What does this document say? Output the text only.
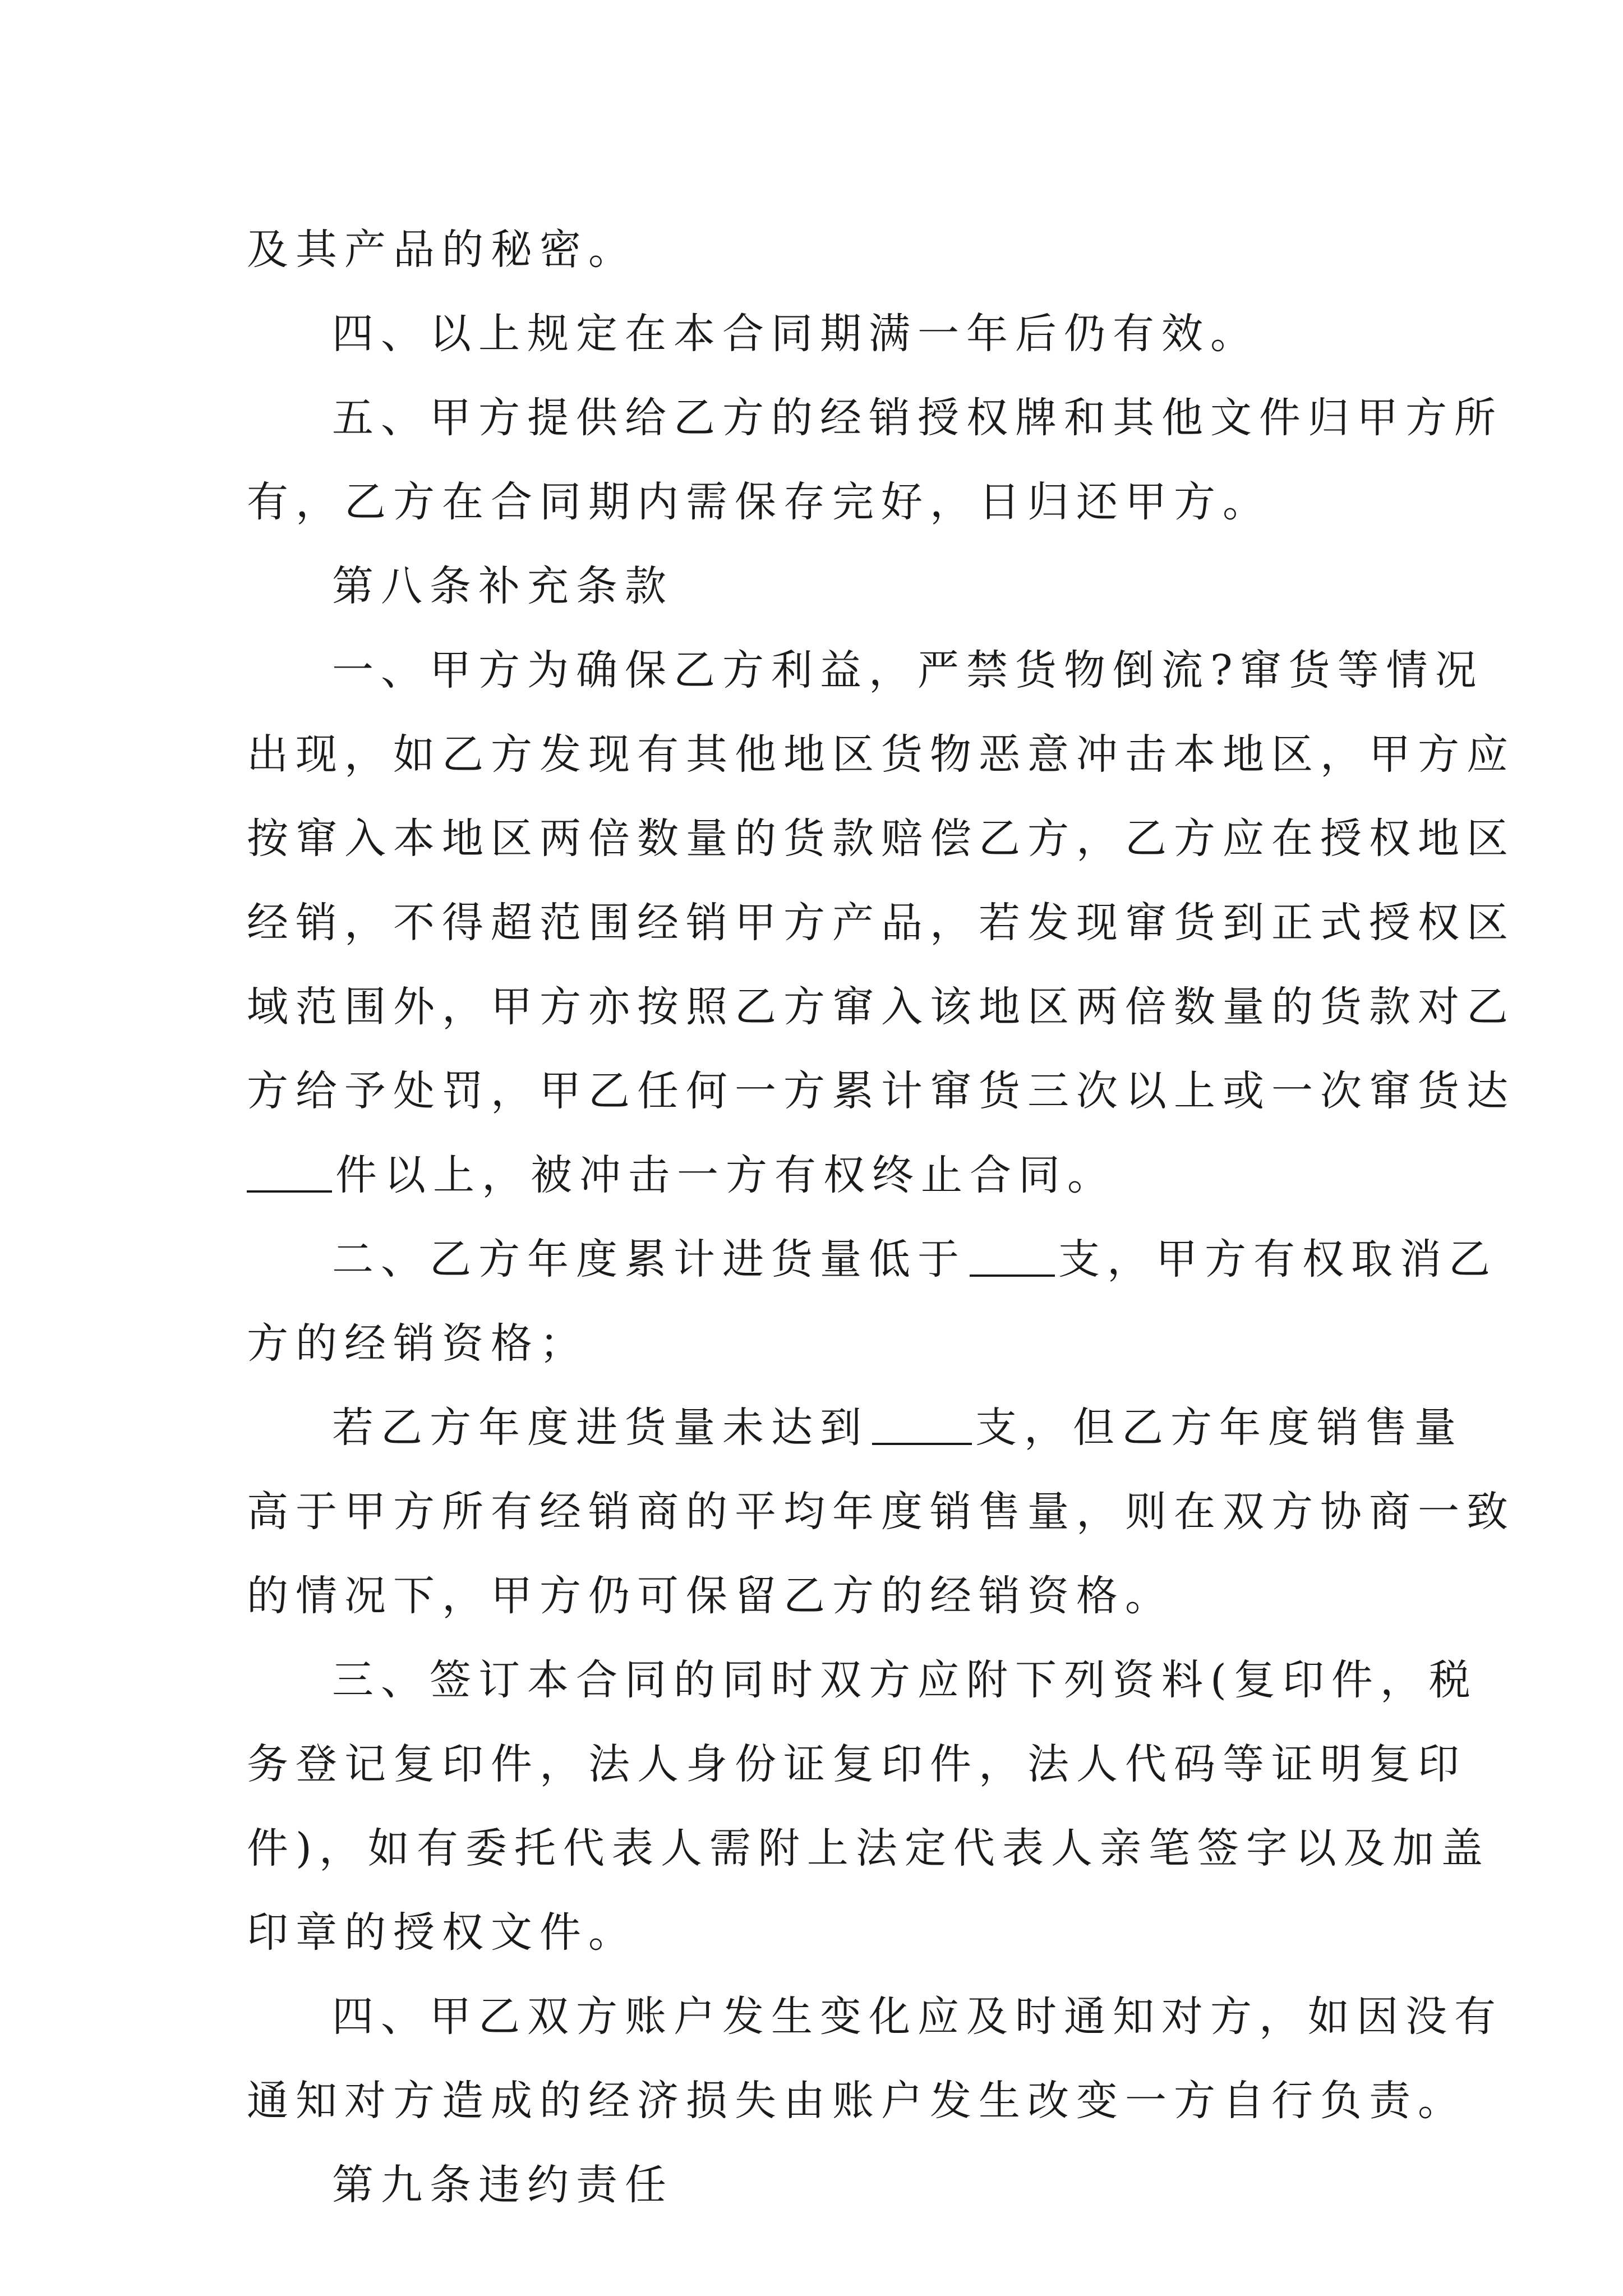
及其产品的秘密。
四、以上规定在本合同期满一年后仍有效。
五、甲方提供给乙方的经销授权牌和其他文件归甲方所
有，乙方在合同期内需保存完好，日归还甲方。
第八条补充条款
一、甲方为确保乙方利益，严禁货物倒流?窜货等情况
出现，如乙方发现有其他地区货物恶意冲击本地区，甲方应
按窜入本地区两倍数量的货款赔偿乙方，乙方应在授权地区
经销，不得超范围经销甲方产品，若发现窜货到正式授权区
域范围外，甲方亦按照乙方窜入该地区两倍数量的货款对乙
方给予处罚，甲乙任何一方累计窜货三次以上或一次窜货达
件以上，被冲击一方有权终止合同。
二、乙方年度累计进货量低于 支，甲方有权取消乙
方的经销资格；
若乙方年度进货量未达到	支，但乙方年度销售量
高于甲方所有经销商的平均年度销售量，则在双方协商一致
的情况下，甲方仍可保留乙方的经销资格。
三、签订本合同的同时双方应附下列资料(复印件，税
务登记复印件，法人身份证复印件，法人代码等证明复印
件)，如有委托代表人需附上法定代表人亲笔签字以及加盖
印章的授权文件。
四、甲乙双方账户发生变化应及时通知对方，如因没有
通知对方造成的经济损失由账户发生改变一方自行负责。
第九条违约责任
